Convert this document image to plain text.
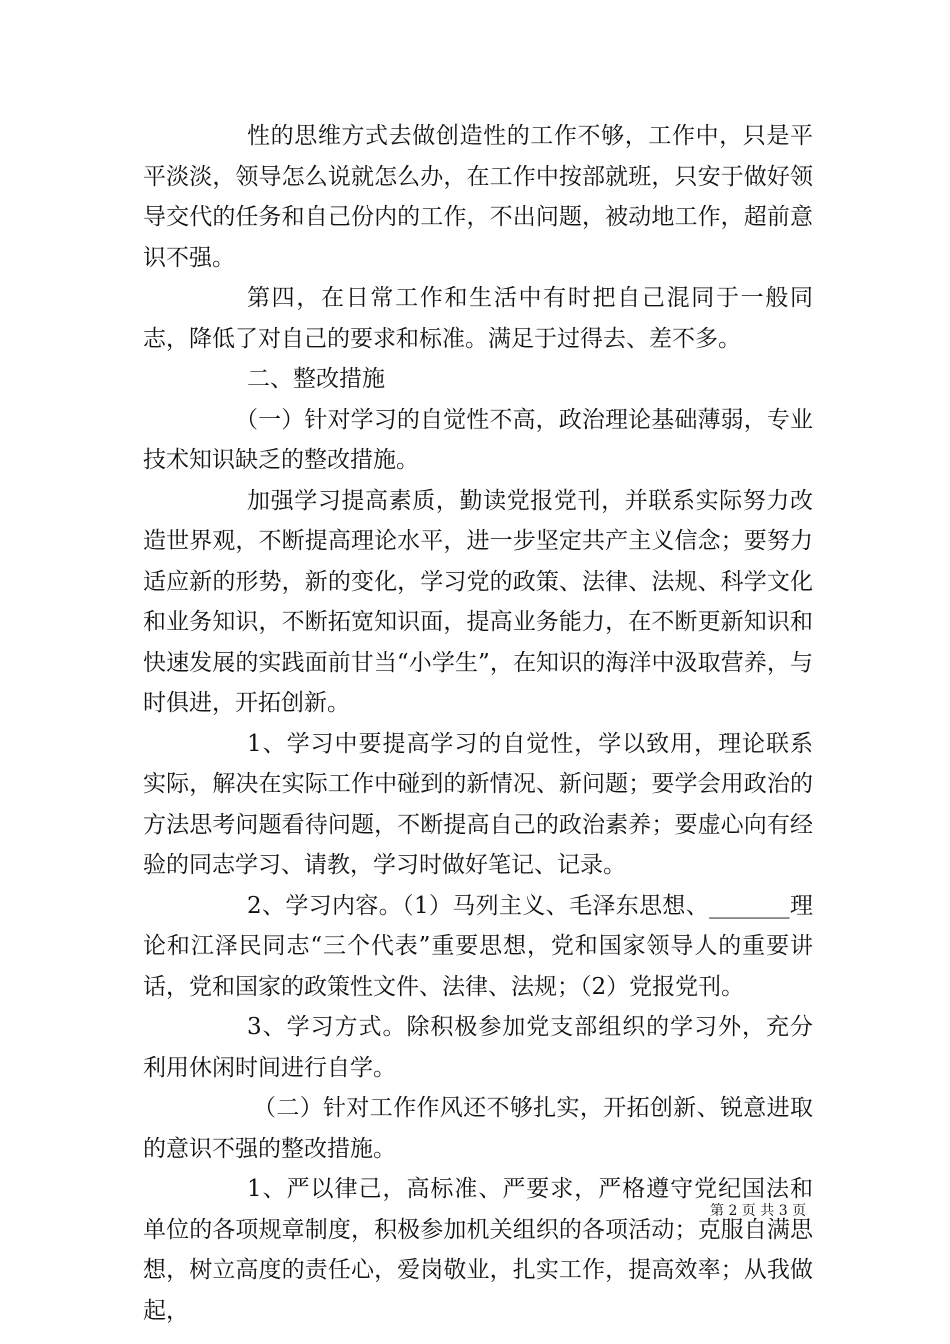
性的思维方式去做创造性的工作不够，工作中，只是平平淡淡，领导怎么说就怎么办，在工作中按部就班，只安于做好领导交代的任务和自己份内的工作，不出问题，被动地工作，超前意识不强。

第四，在日常工作和生活中有时把自己混同于一般同志，降低了对自己的要求和标准。满足于过得去、差不多。

二、整改措施

（一）针对学习的自觉性不高，政治理论基础薄弱，专业技术知识缺乏的整改措施。

加强学习提高素质，勤读党报党刊，并联系实际努力改造世界观，不断提高理论水平，进一步坚定共产主义信念；要努力适应新的形势，新的变化，学习党的政策、法律、法规、科学文化和业务知识，不断拓宽知识面，提高业务能力，在不断更新知识和快速发展的实践面前甘当“小学生”，在知识的海洋中汲取营养，与时俱进，开拓创新。

1、学习中要提高学习的自觉性，学以致用，理论联系实际，解决在实际工作中碰到的新情况、新问题；要学会用政治的方法思考问题看待问题，不断提高自己的政治素养；要虚心向有经验的同志学习、请教，学习时做好笔记、记录。

2、学习内容。（1）马列主义、毛泽东思想、_______理论和江泽民同志“三个代表”重要思想，党和国家领导人的重要讲话，党和国家的政策性文件、法律、法规；（2）党报党刊。

3、学习方式。除积极参加党支部组织的学习外，充分利用休闲时间进行自学。

（二）针对工作作风还不够扎实，开拓创新、锐意进取的意识不强的整改措施。

1、严以律己，高标准、严要求，严格遵守党纪国法和单位的各项规章制度，积极参加机关组织的各项活动；克服自满思想，树立高度的责任心，爱岗敬业，扎实工作，提高效率；从我做起，

第 2 页 共 3 页
